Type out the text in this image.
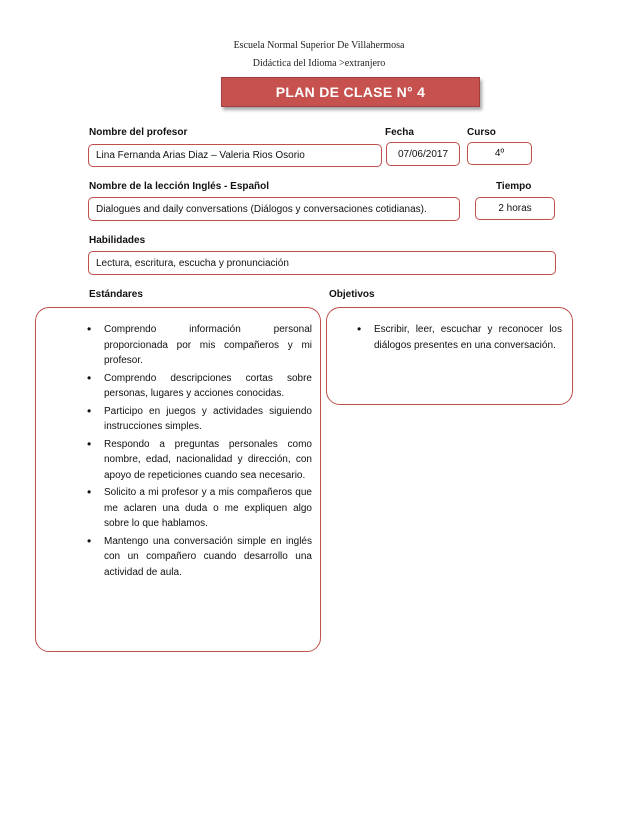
Escuela Normal Superior De Villahermosa
Didáctica del Idioma >extranjero
PLAN DE CLASE N° 4
Nombre del profesor	Fecha	Curso
Lina Fernanda Arias Diaz – Valeria Rios Osorio	07/06/2017	4º
Nombre de la lección Inglés - Español	Tiempo
Dialogues and daily conversations (Diálogos y conversaciones cotidianas).	2 horas
Habilidades
Lectura, escritura, escucha y pronunciación
Estándares	Objetivos
• Comprendo información personal proporcionada por mis compañeros y mi profesor.
• Comprendo descripciones cortas sobre personas, lugares y acciones conocidas.
• Participo en juegos y actividades siguiendo instrucciones simples.
• Respondo a preguntas personales como nombre, edad, nacionalidad y dirección, con apoyo de repeticiones cuando sea necesario.
• Solicito a mi profesor y a mis compañeros que me aclaren una duda o me expliquen algo sobre lo que hablamos.
• Mantengo una conversación simple en inglés con un compañero cuando desarrollo una actividad de aula.
• Escribir, leer, escuchar y reconocer los diálogos presentes en una conversación.
